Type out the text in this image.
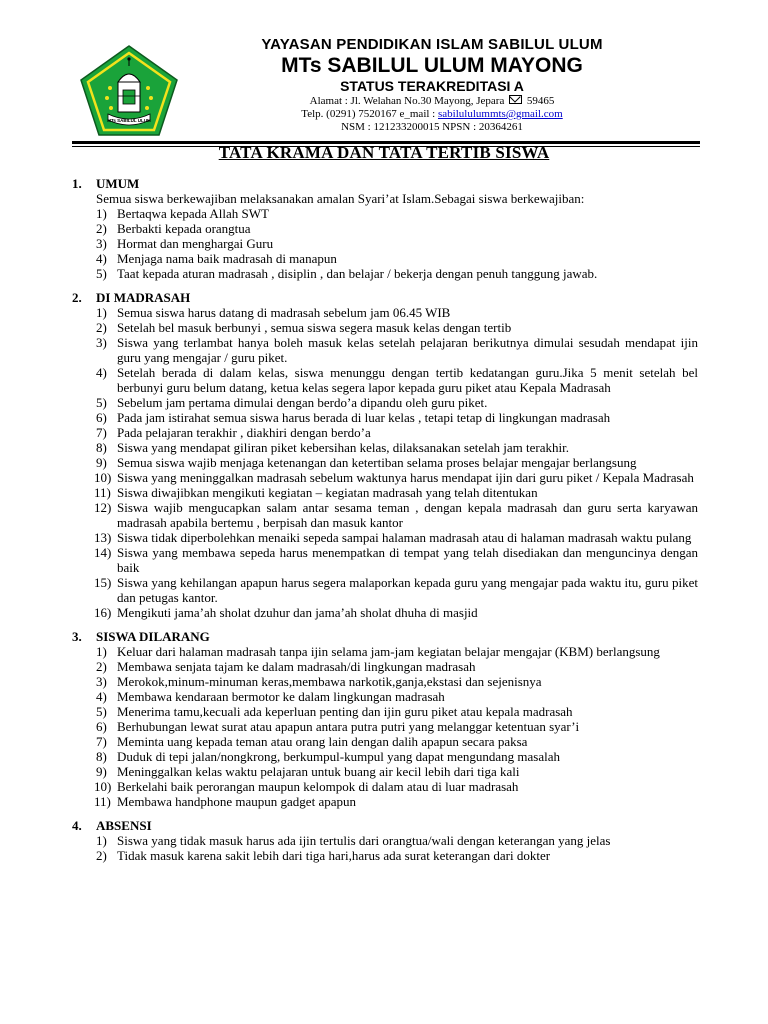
MTs SABILUL ULUM
YAYASAN PENDIDIKAN ISLAM SABILUL ULUM
MTs SABILUL ULUM MAYONG
STATUS TERAKREDITASI A
Alamat : Jl. Welahan No.30 Mayong, Jepara 59465
Telp. (0291) 7520167 e_mail : sabilululummts@gmail.com
NSM : 121233200015 NPSN : 20364261
TATA KRAMA DAN TATA TERTIB SISWA
1. UMUM
Semua siswa berkewajiban melaksanakan amalan Syari’at Islam.Sebagai siswa berkewajiban:
1) Bertaqwa kepada Allah SWT
2) Berbakti kepada orangtua
3) Hormat dan menghargai Guru
4) Menjaga nama baik madrasah di manapun
5) Taat kepada aturan madrasah , disiplin , dan belajar / bekerja dengan penuh tanggung jawab.
2. DI MADRASAH
1) Semua siswa harus datang di madrasah sebelum jam 06.45 WIB
2) Setelah bel masuk berbunyi , semua siswa segera masuk kelas dengan tertib
3) Siswa yang terlambat hanya boleh masuk kelas setelah pelajaran berikutnya dimulai sesudah mendapat ijin guru yang mengajar / guru piket.
4) Setelah berada di dalam kelas, siswa menunggu dengan tertib kedatangan guru.Jika 5 menit setelah bel berbunyi guru belum datang, ketua kelas segera lapor kepada guru piket atau Kepala Madrasah
5) Sebelum jam pertama dimulai dengan berdo’a dipandu oleh guru piket.
6) Pada jam istirahat semua siswa harus berada di luar kelas , tetapi tetap di lingkungan madrasah
7) Pada pelajaran terakhir , diakhiri dengan berdo’a
8) Siswa yang mendapat giliran piket kebersihan kelas, dilaksanakan setelah jam terakhir.
9) Semua siswa wajib menjaga ketenangan dan ketertiban selama proses belajar mengajar berlangsung
10) Siswa yang meninggalkan madrasah sebelum waktunya harus mendapat ijin dari guru piket / Kepala Madrasah
11) Siswa diwajibkan mengikuti kegiatan – kegiatan madrasah yang telah ditentukan
12) Siswa wajib mengucapkan salam antar sesama teman , dengan kepala madrasah dan guru serta karyawan madrasah apabila bertemu , berpisah dan masuk kantor
13) Siswa tidak diperbolehkan menaiki sepeda sampai halaman madrasah atau di halaman madrasah waktu pulang
14) Siswa yang membawa sepeda harus menempatkan di tempat yang telah disediakan dan menguncinya dengan baik
15) Siswa yang kehilangan apapun harus segera malaporkan kepada guru yang mengajar pada waktu itu, guru piket dan petugas kantor.
16) Mengikuti jama’ah sholat dzuhur dan jama’ah sholat dhuha di masjid
3. SISWA DILARANG
1) Keluar dari halaman madrasah tanpa ijin selama jam-jam kegiatan belajar mengajar (KBM) berlangsung
2) Membawa senjata tajam ke dalam madrasah/di lingkungan madrasah
3) Merokok,minum-minuman keras,membawa narkotik,ganja,ekstasi dan sejenisnya
4) Membawa kendaraan bermotor ke dalam lingkungan madrasah
5) Menerima tamu,kecuali ada keperluan penting dan ijin guru piket atau kepala madrasah
6) Berhubungan lewat surat atau apapun antara putra putri yang melanggar ketentuan syar’i
7) Meminta uang kepada teman atau orang lain dengan dalih apapun secara paksa
8) Duduk di tepi jalan/nongkrong, berkumpul-kumpul yang dapat mengundang masalah
9) Meninggalkan kelas waktu pelajaran untuk buang air kecil lebih dari tiga kali
10) Berkelahi baik perorangan maupun kelompok di dalam atau di luar madrasah
11) Membawa handphone maupun gadget apapun
4. ABSENSI
1) Siswa yang tidak masuk harus ada ijin tertulis dari orangtua/wali dengan keterangan yang jelas
2) Tidak masuk karena sakit lebih dari tiga hari,harus ada surat keterangan dari dokter
